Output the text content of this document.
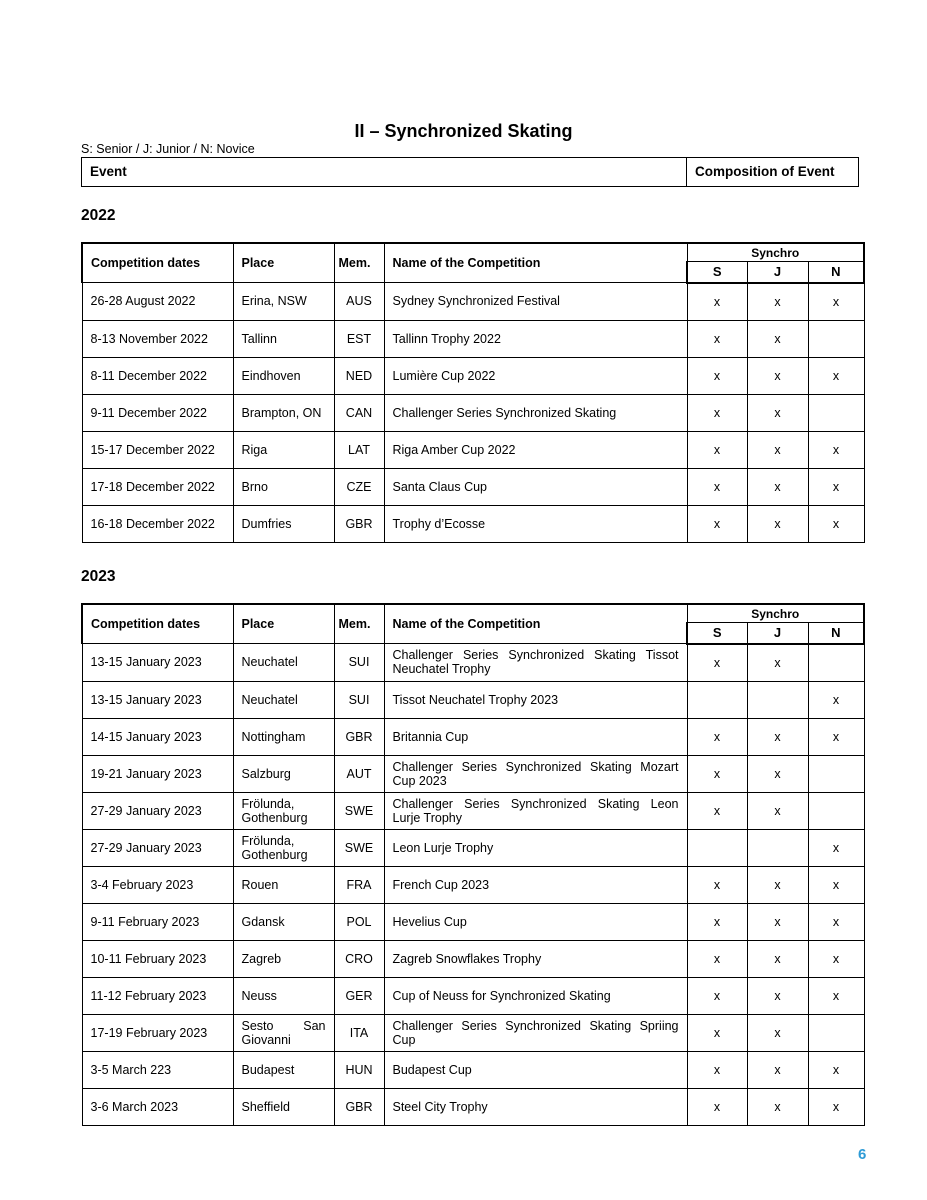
II – Synchronized Skating
S: Senior / J: Junior / N: Novice
Event	Composition of Event
2022
Competition dates	Place	Mem.	Name of the Competition	Synchro		
				S	J	N
26-28 August 2022	Erina, NSW	AUS	Sydney Synchronized Festival	x	x	x
8-13 November 2022	Tallinn	EST	Tallinn Trophy 2022	x	x	
8-11 December 2022	Eindhoven	NED	Lumière Cup 2022	x	x	x
9-11 December 2022	Brampton, ON	CAN	Challenger Series Synchronized Skating	x	x	
15-17 December 2022	Riga	LAT	Riga Amber Cup 2022	x	x	x
17-18 December 2022	Brno	CZE	Santa Claus Cup	x	x	x
16-18 December 2022	Dumfries	GBR	Trophy d’Ecosse	x	x	x
2023
Competition dates	Place	Mem.	Name of the Competition	Synchro		
				S	J	N
13-15 January 2023	Neuchatel	SUI	Challenger Series Synchronized Skating Tissot Neuchatel Trophy	x	x	
13-15 January 2023	Neuchatel	SUI	Tissot Neuchatel Trophy 2023			x
14-15 January 2023	Nottingham	GBR	Britannia Cup	x	x	x
19-21 January 2023	Salzburg	AUT	Challenger Series Synchronized Skating Mozart Cup 2023	x	x	
27-29 January 2023	Frölunda, Gothenburg	SWE	Challenger Series Synchronized Skating Leon Lurje Trophy	x	x	
27-29 January 2023	Frölunda, Gothenburg	SWE	Leon Lurje Trophy			x
3-4 February 2023	Rouen	FRA	French Cup 2023	x	x	x
9-11 February 2023	Gdansk	POL	Hevelius Cup	x	x	x
10-11 February 2023	Zagreb	CRO	Zagreb Snowflakes Trophy	x	x	x
11-12 February 2023	Neuss	GER	Cup of Neuss for Synchronized Skating	x	x	x
17-19 February 2023	Sesto San Giovanni	ITA	Challenger Series Synchronized Skating Spriing Cup	x	x	
3-5 March 223	Budapest	HUN	Budapest Cup	x	x	x
3-6 March 2023	Sheffield	GBR	Steel City Trophy	x	x	x
6
